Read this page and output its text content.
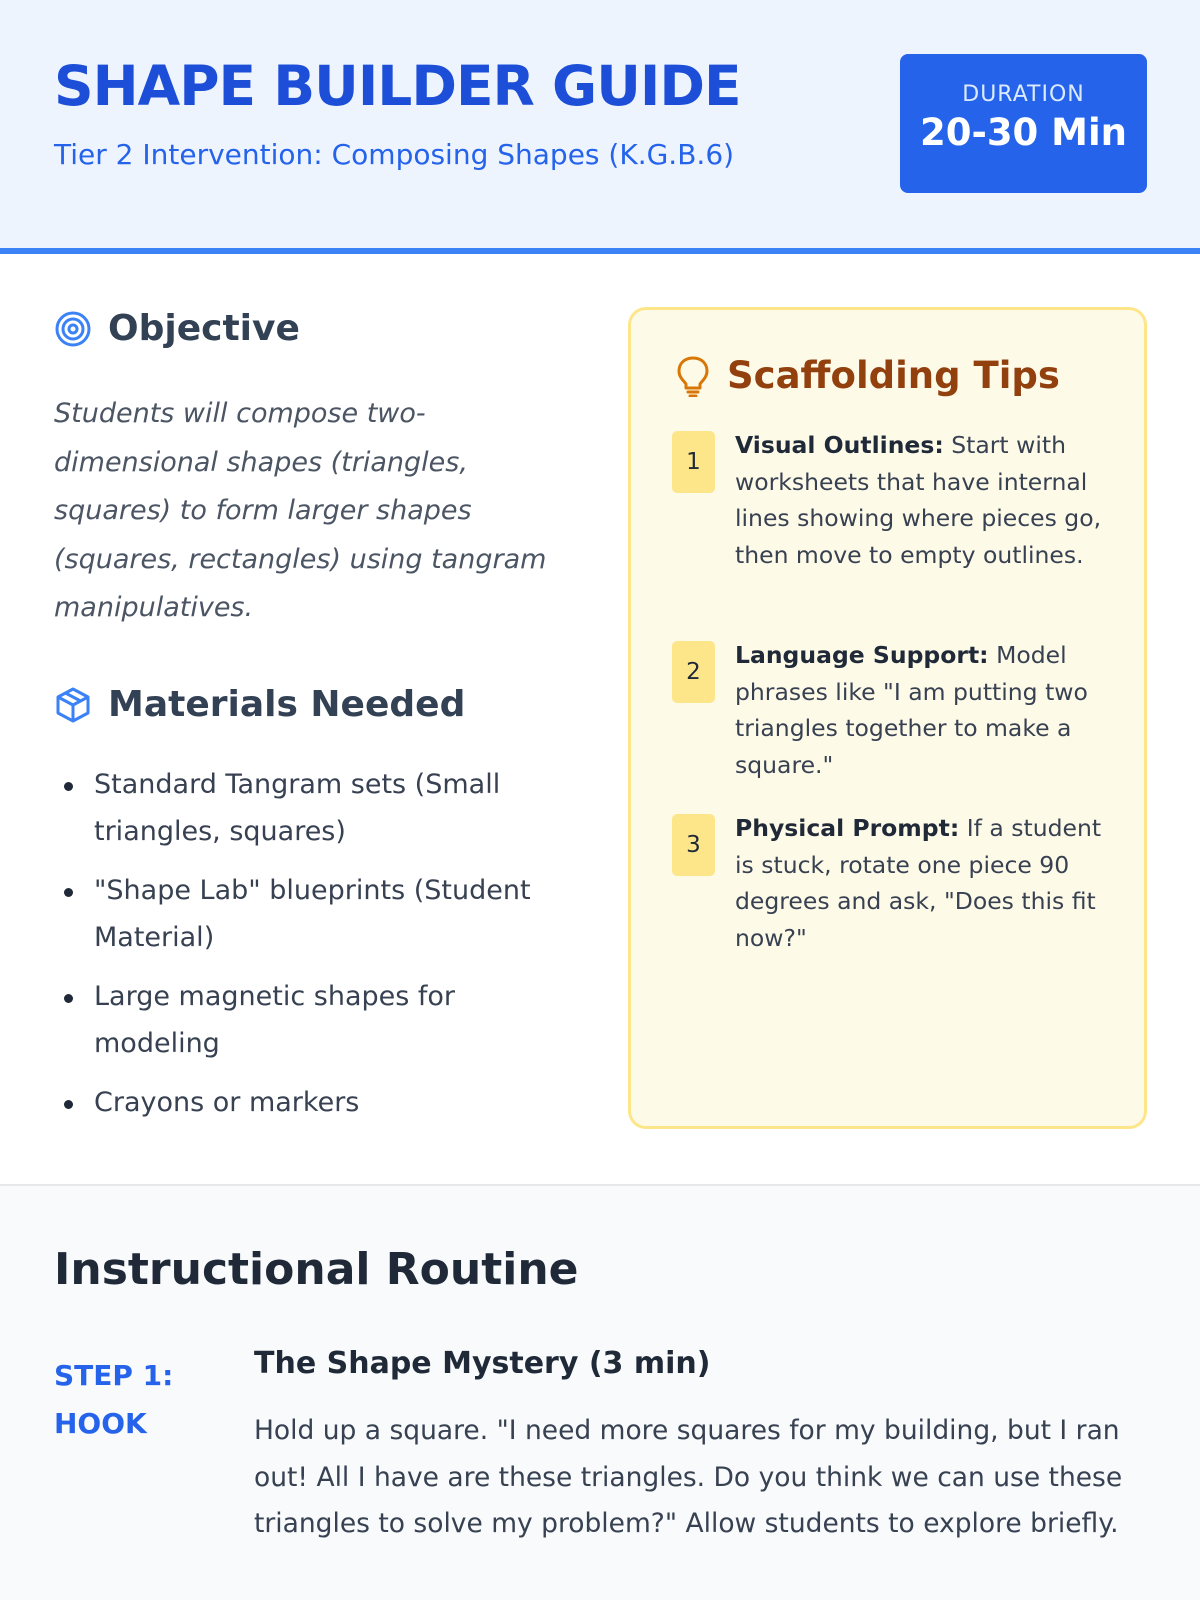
SHAPE BUILDER GUIDE
Tier 2 Intervention: Composing Shapes (K.G.B.6)
DURATION
20-30 Min
Objective

Students will compose two-dimensional shapes (triangles, squares) to form larger shapes (squares, rectangles) using tangram manipulatives.

Materials Needed
Standard Tangram sets (Small triangles, squares)
"Shape Lab" blueprints (Student Material)
Large magnetic shapes for modeling
Crayons or markers
Scaffolding Tips
1

Visual Outlines: Start with worksheets that have internal lines showing where pieces go, then move to empty outlines.

2

Language Support: Model phrases like "I am putting two triangles together to make a square."

3

Physical Prompt: If a student is stuck, rotate one piece 90 degrees and ask, "Does this fit now?"

Instructional Routine
STEP 1:
HOOK
The Shape Mystery (3 min)

Hold up a square. "I need more squares for my building, but I ran out! All I have are these triangles. Do you think we can use these triangles to solve my problem?" Allow students to explore briefly.
